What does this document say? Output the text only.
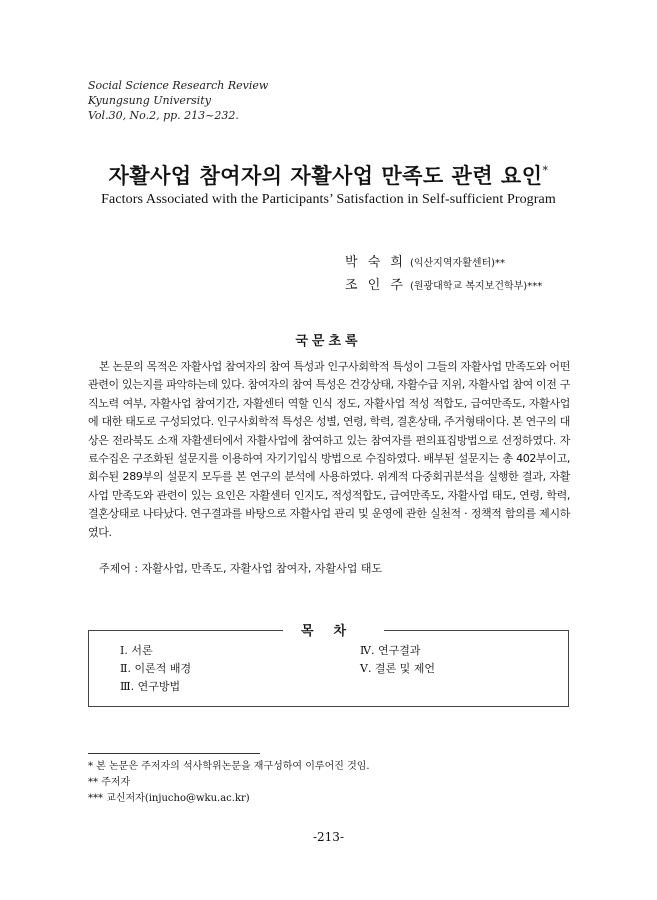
Social Science Research Review
Kyungsung University
Vol.30, No.2, pp. 213~232.
자활사업 참여자의 자활사업 만족도 관련 요인*
Factors Associated with the Participants’ Satisfaction in Self-sufficient Program
박 숙 희 (익산지역자활센터)**
조 인 주 (원광대학교 복지보건학부)***
국문초록

본 논문의 목적은 자활사업 참여자의 참여 특성과 인구사회학적 특성이 그들의 자활사업 만족도와 어떤 관련이 있는지를 파악하는데 있다. 참여자의 참여 특성은 건강상태, 자활수급 지위, 자활사업 참여 이전 구직노력 여부, 자활사업 참여기간, 자활센터 역할 인식 정도, 자활사업 적성 적합도, 급여만족도, 자활사업에 대한 태도로 구성되었다. 인구사회학적 특성은 성별, 연령, 학력, 결혼상태, 주거형태이다. 본 연구의 대상은 전라북도 소재 자활센터에서 자활사업에 참여하고 있는 참여자를 편의표집방법으로 선정하였다. 자료수집은 구조화된 설문지를 이용하여 자기기입식 방법으로 수집하였다. 배부된 설문지는 총 402부이고, 회수된 289부의 설문지 모두를 본 연구의 분석에 사용하였다. 위계적 다중회귀분석을 실행한 결과, 자활사업 만족도와 관련이 있는 요인은 자활센터 인지도, 적성적합도, 급여만족도, 자활사업 태도, 연령, 학력, 결혼상태로 나타났다. 연구결과를 바탕으로 자활사업 관리 및 운영에 관한 실천적 · 정책적 함의를 제시하였다.

주제어 : 자활사업, 만족도, 자활사업 참여자, 자활사업 태도
목차
Ⅰ. 서론
Ⅱ. 이론적 배경
Ⅲ. 연구방법
Ⅳ. 연구결과
Ⅴ. 결론 및 제언
* 본 논문은 주저자의 석사학위논문을 재구성하여 이루어진 것임.
** 주저자
*** 교신저자(injucho@wku.ac.kr)
-213-
